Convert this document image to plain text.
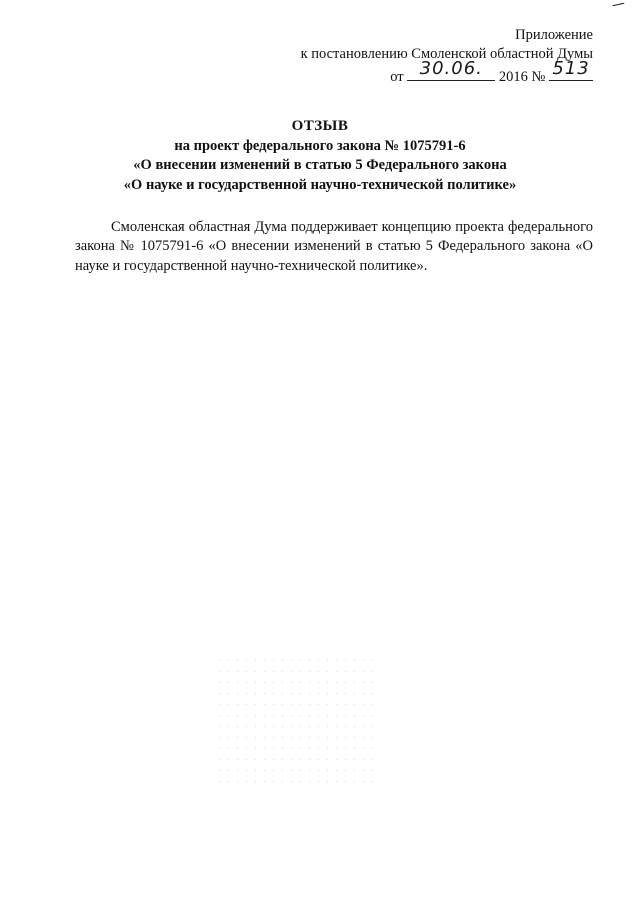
Приложение
к постановлению Смоленской областной Думы
от 30.06.	2016 № 513
ОТЗЫВ
на проект федерального закона № 1075791-6
«О внесении изменений в статью 5 Федерального закона
«О науке и государственной научно-технической политике»

Смоленская областная Дума поддерживает концепцию проекта федерального закона № 1075791-6 «О внесении изменений в статью 5 Федерального закона «О науке и государственной научно-технической политике».
